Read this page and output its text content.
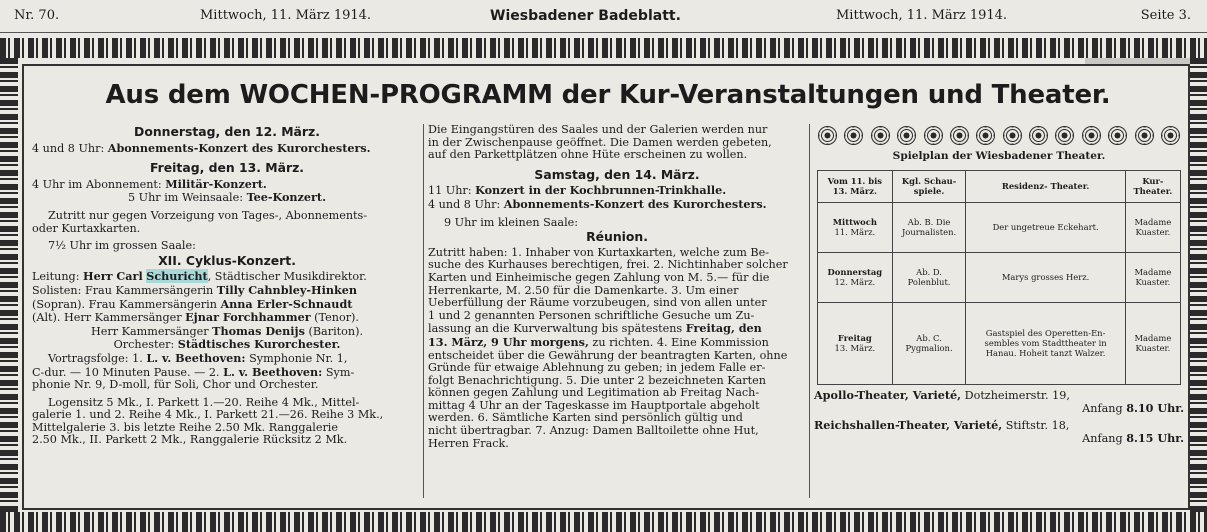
Nr. 70.	Mittwoch, 11. März 1914.	Wiesbadener Badeblatt.	Mittwoch, 11. März 1914.	Seite 3.
Aus dem WOCHEN-PROGRAMM der Kur-Veranstaltungen und Theater.
Donnerstag, den 12. März.
4 und 8 Uhr: Abonnements-Konzert des Kurorchesters.
Freitag, den 13. März.
4 Uhr im Abonnement: Militär-Konzert.
5 Uhr im Weinsaale: Tee-Konzert.
Zutritt nur gegen Vorzeigung von Tages-, Abonnements-
oder Kurtaxkarten.
7½ Uhr im grossen Saale:
XII. Cyklus-Konzert.
Leitung: Herr Carl Schuricht, Städtischer Musikdirektor.
Solisten: Frau Kammersängerin Tilly Cahnbley-Hinken
(Sopran). Frau Kammersängerin Anna Erler-Schnaudt
(Alt). Herr Kammersänger Ejnar Forchhammer (Tenor).
Herr Kammersänger Thomas Denijs (Bariton).
Orchester: Städtisches Kurorchester.
Vortragsfolge: 1. L. v. Beethoven: Symphonie Nr. 1,
C-dur. — 10 Minuten Pause. — 2. L. v. Beethoven: Sym-
phonie Nr. 9, D-moll, für Soli, Chor und Orchester.
Logensitz 5 Mk., I. Parkett 1.—20. Reihe 4 Mk., Mittel-
galerie 1. und 2. Reihe 4 Mk., I. Parkett 21.—26. Reihe 3 Mk.,
Mittelgalerie 3. bis letzte Reihe 2.50 Mk. Ranggalerie
2.50 Mk., II. Parkett 2 Mk., Ranggalerie Rücksitz 2 Mk.
Die Eingangstüren des Saales und der Galerien werden nur
in der Zwischenpause geöffnet. Die Damen werden gebeten,
auf den Parkettplätzen ohne Hüte erscheinen zu wollen.
Samstag, den 14. März.
11 Uhr: Konzert in der Kochbrunnen-Trinkhalle.
4 und 8 Uhr: Abonnements-Konzert des Kurorchesters.
9 Uhr im kleinen Saale:
Réunion.
Zutritt haben: 1. Inhaber von Kurtaxkarten, welche zum Be-
suche des Kurhauses berechtigen, frei. 2. Nichtinhaber solcher
Karten und Einheimische gegen Zahlung von M. 5.— für die
Herrenkarte, M. 2.50 für die Damenkarte. 3. Um einer
Ueberfüllung der Räume vorzubeugen, sind von allen unter
1 und 2 genannten Personen schriftliche Gesuche um Zu-
lassung an die Kurverwaltung bis spätestens Freitag, den
13. März, 9 Uhr morgens, zu richten. 4. Eine Kommission
entscheidet über die Gewährung der beantragten Karten, ohne
Gründe für etwaige Ablehnung zu geben; in jedem Falle er-
folgt Benachrichtigung. 5. Die unter 2 bezeichneten Karten
können gegen Zahlung und Legitimation ab Freitag Nach-
mittag 4 Uhr an der Tageskasse im Hauptportale abgeholt
werden. 6. Sämtliche Karten sind persönlich gültig und
nicht übertragbar. 7. Anzug: Damen Balltoilette ohne Hut,
Herren Frack.
Spielplan der Wiesbadener Theater.
Vom 11. bis 13. März.	Kgl. Schau- spiele.	Residenz- Theater.	Kur-Theater.

Mittwoch
11. März.	Ab. B. Die Journalisten.	Der ungetreue Eckehart.	Madame Kuaster.

Donnerstag
12. März.	Ab. D. Polenblut.	Marys grosses Herz.	Madame Kuaster.

Freitag
13. März.	Ab. C. Pygmalion.	Gastspiel des Operetten-En- sembles vom Stadttheater in Hanau. Hoheit tanzt Walzer.	Madame Kuaster.
Apollo-Theater, Varieté, Dotzheimerstr. 19,
Anfang 8.10 Uhr.
Reichshallen-Theater, Varieté, Stiftstr. 18,
Anfang 8.15 Uhr.
